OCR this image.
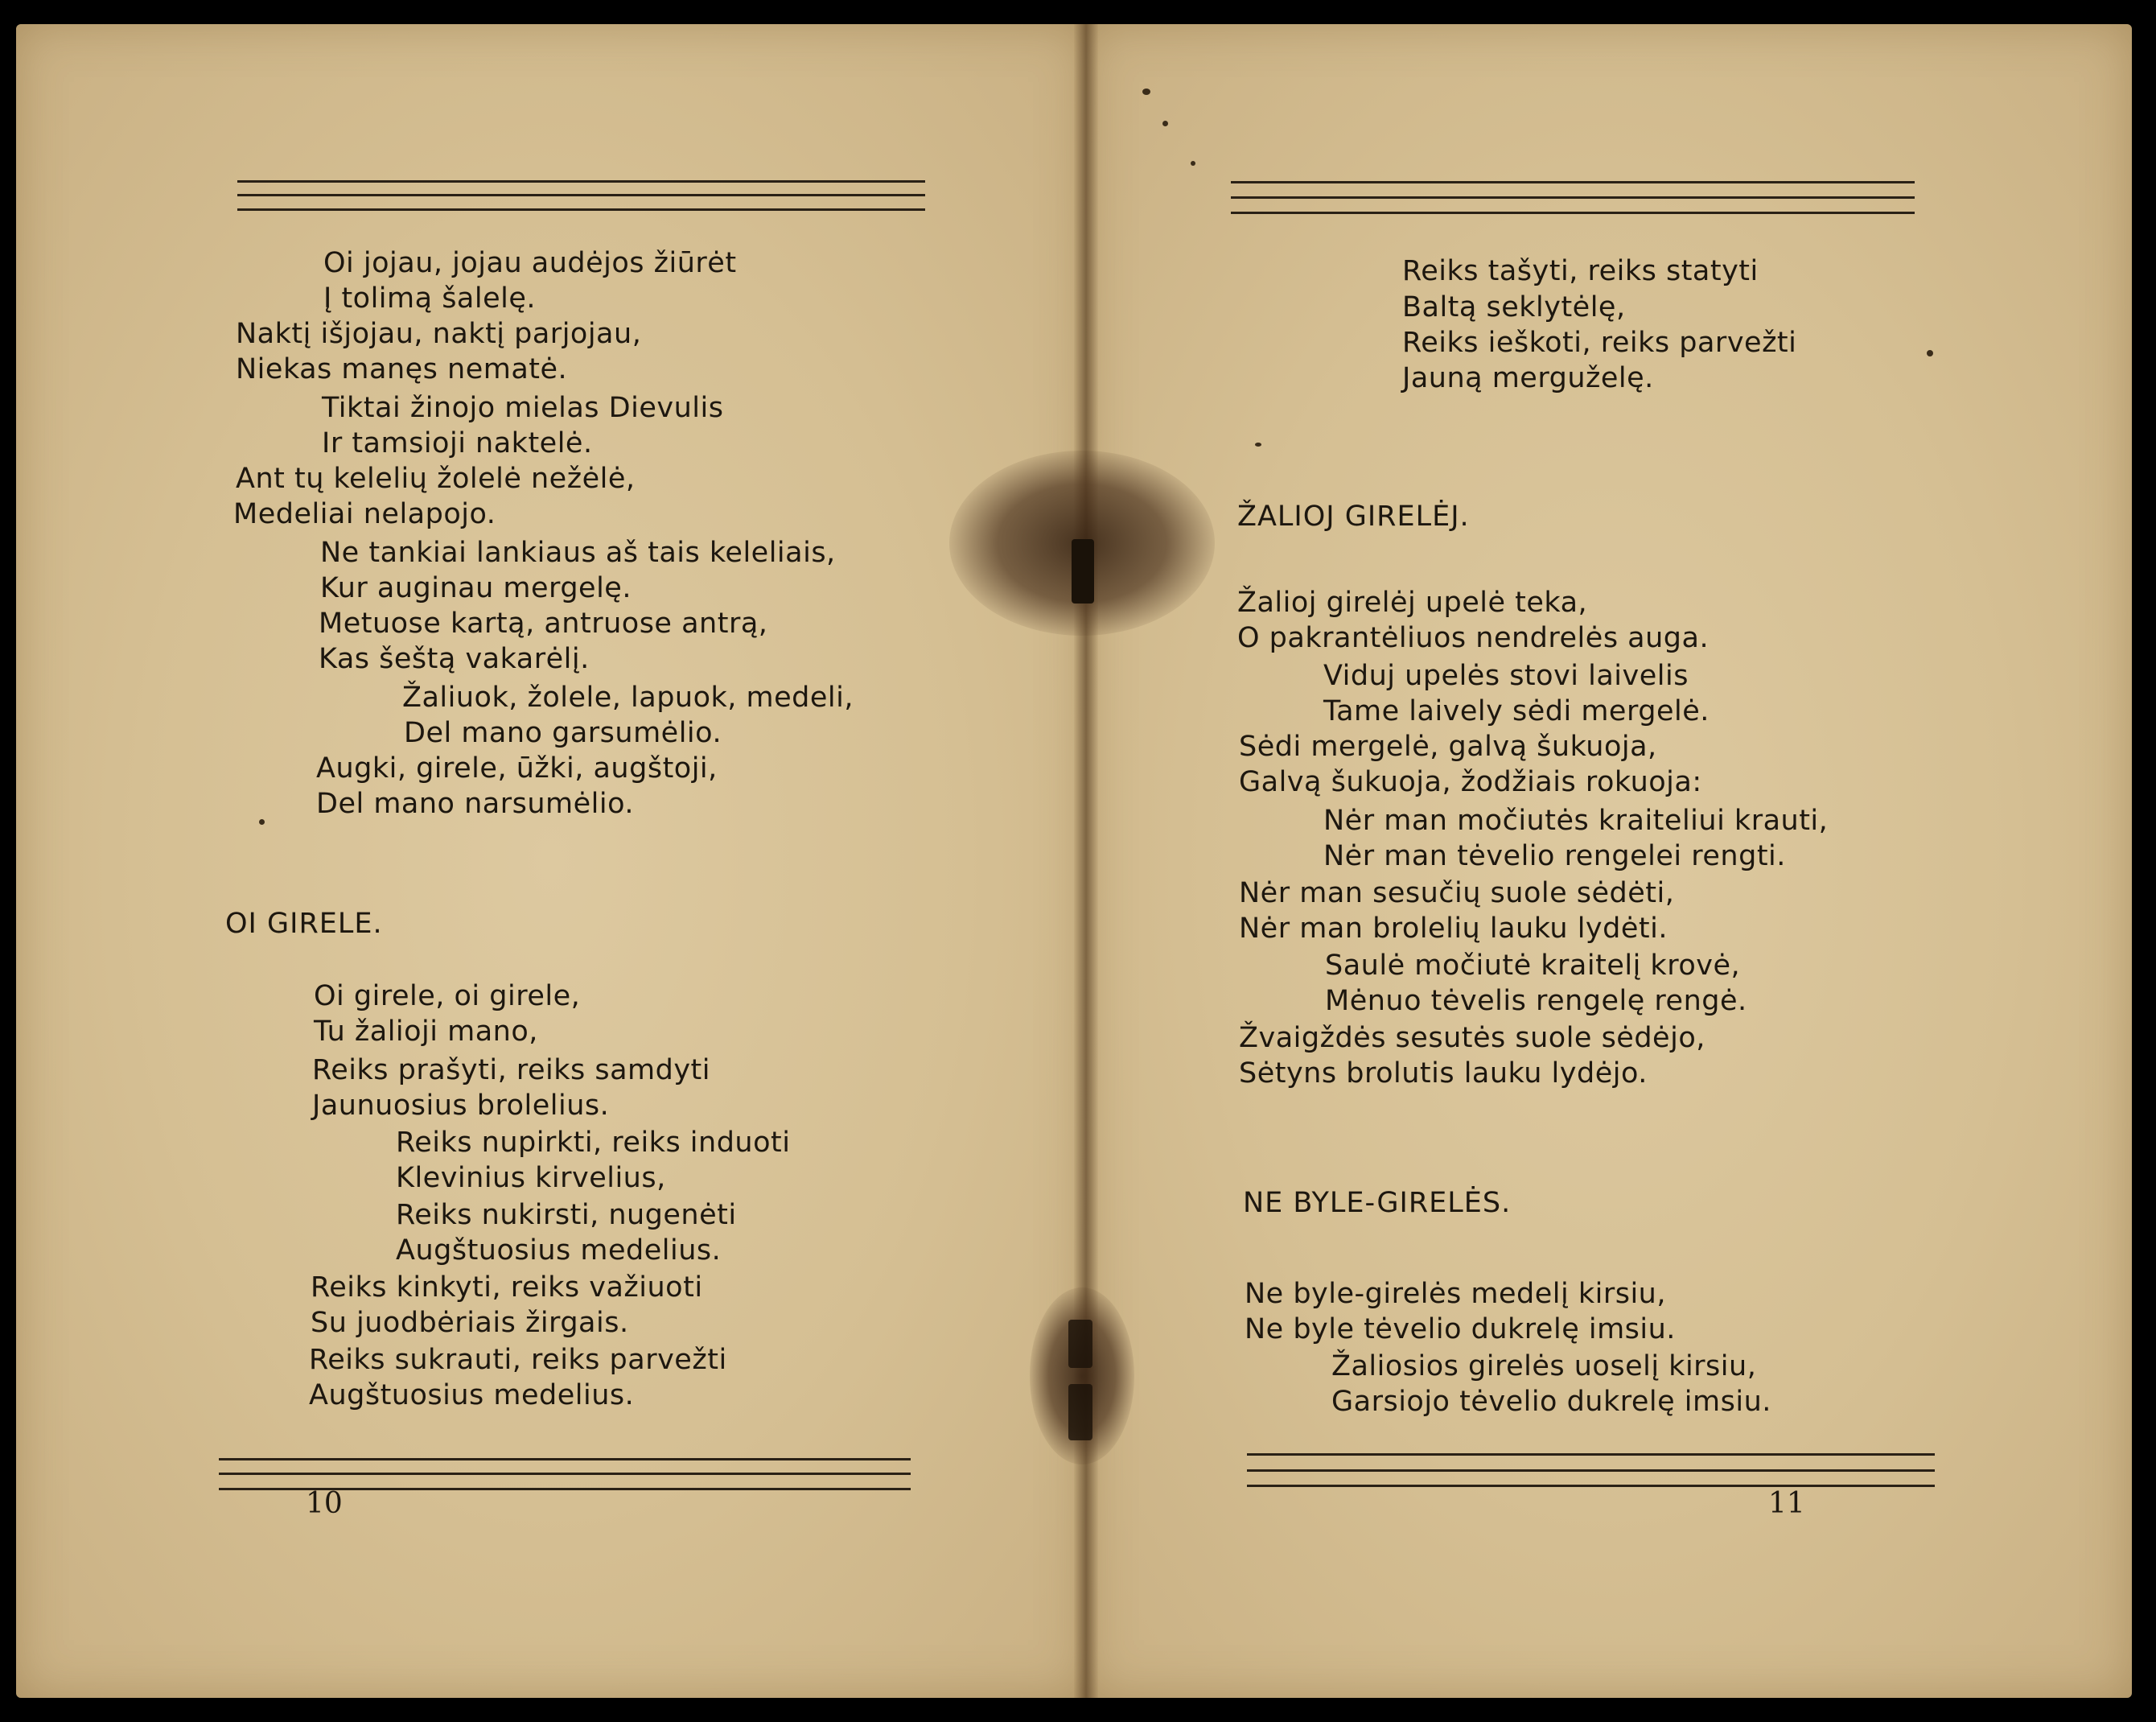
Oi jojau, jojau audėjos žiūrėt
Į tolimą šalelę.
Naktį išjojau, naktį parjojau,
Niekas manęs nematė.
Tiktai žinojo mielas Dievulis
Ir tamsioji naktelė.
Ant tų kelelių žolelė nežėlė,
Medeliai nelapojo.
Ne tankiai lankiaus aš tais keleliais,
Kur auginau mergelę.
Metuose kartą, antruose antrą,
Kas šeštą vakarėlį.
Žaliuok, žolele, lapuok, medeli,
Del mano garsumėlio.
Augki, girele, ūžki, augštoji,
Del mano narsumėlio.
OI GIRELE.
Oi girele, oi girele,
Tu žalioji mano,
Reiks prašyti, reiks samdyti
Jaunuosius brolelius.
Reiks nupirkti, reiks induoti
Klevinius kirvelius,
Reiks nukirsti, nugenėti
Augštuosius medelius.
Reiks kinkyti, reiks važiuoti
Su juodbėriais žirgais.
Reiks sukrauti, reiks parvežti
Augštuosius medelius.
10
Reiks tašyti, reiks statyti
Baltą seklytėlę,
Reiks ieškoti, reiks parvežti
Jauną merguželę.
ŽALIOJ GIRELĖJ.
Žalioj girelėj upelė teka,
O pakrantėliuos nendrelės auga.
Viduj upelės stovi laivelis
Tame laively sėdi mergelė.
Sėdi mergelė, galvą šukuoja,
Galvą šukuoja, žodžiais rokuoja:
Nėr man močiutės kraiteliui krauti,
Nėr man tėvelio rengelei rengti.
Nėr man sesučių suole sėdėti,
Nėr man brolelių lauku lydėti.
Saulė močiutė kraitelį krovė,
Mėnuo tėvelis rengelę rengė.
Žvaigždės sesutės suole sėdėjo,
Sėtyns brolutis lauku lydėjo.
NE BYLE-GIRELĖS.
Ne byle-girelės medelį kirsiu,
Ne byle tėvelio dukrelę imsiu.
Žaliosios girelės uoselį kirsiu,
Garsiojo tėvelio dukrelę imsiu.
11
